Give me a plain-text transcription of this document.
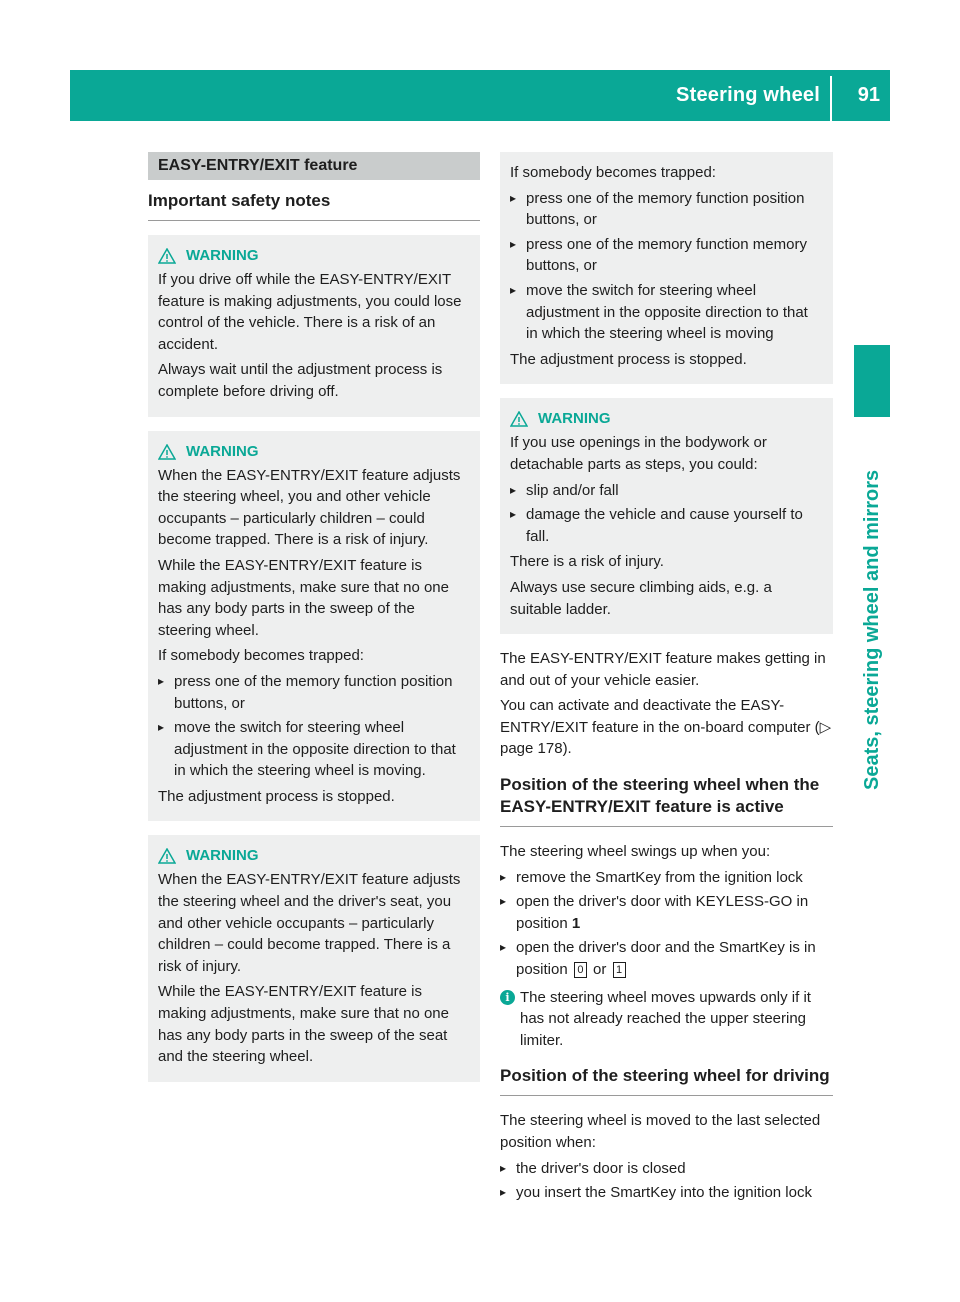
Steering wheel 91
Seats, steering wheel and mirrors
EASY-ENTRY/EXIT feature
Important safety notes
WARNING

If you drive off while the EASY-ENTRY/EXIT feature is making adjustments, you could lose control of the vehicle. There is a risk of an accident.

Always wait until the adjustment process is complete before driving off.

WARNING

When the EASY-ENTRY/EXIT feature adjusts the steering wheel, you and other vehicle occupants – particularly children – could become trapped. There is a risk of injury.

While the EASY-ENTRY/EXIT feature is making adjustments, make sure that no one has any body parts in the sweep of the steering wheel.

If somebody becomes trapped:

▸ press one of the memory function position buttons, or
▸ move the switch for steering wheel adjustment in the opposite direction to that in which the steering wheel is moving.

The adjustment process is stopped.

WARNING

When the EASY-ENTRY/EXIT feature adjusts the steering wheel and the driver's seat, you and other vehicle occupants – particularly children – could become trapped. There is a risk of injury.

While the EASY-ENTRY/EXIT feature is making adjustments, make sure that no one has any body parts in the sweep of the seat and the steering wheel.

If somebody becomes trapped:

▸ press one of the memory function position buttons, or
▸ press one of the memory function memory buttons, or
▸ move the switch for steering wheel adjustment in the opposite direction to that in which the steering wheel is moving

The adjustment process is stopped.

WARNING

If you use openings in the bodywork or detachable parts as steps, you could:

▸ slip and/or fall
▸ damage the vehicle and cause yourself to fall.

There is a risk of injury.

Always use secure climbing aids, e.g. a suitable ladder.

The EASY-ENTRY/EXIT feature makes getting in and out of your vehicle easier.

You can activate and deactivate the EASY-ENTRY/EXIT feature in the on-board computer (▷ page 178).

Position of the steering wheel when the EASY-ENTRY/EXIT feature is active

The steering wheel swings up when you:

▸ remove the SmartKey from the ignition lock
▸ open the driver's door with KEYLESS-GO in position 1
▸ open the driver's door and the SmartKey is in position 0 or 1
i The steering wheel moves upwards only if it has not already reached the upper steering limiter.
Position of the steering wheel for driving

The steering wheel is moved to the last selected position when:

▸ the driver's door is closed
▸ you insert the SmartKey into the ignition lock
